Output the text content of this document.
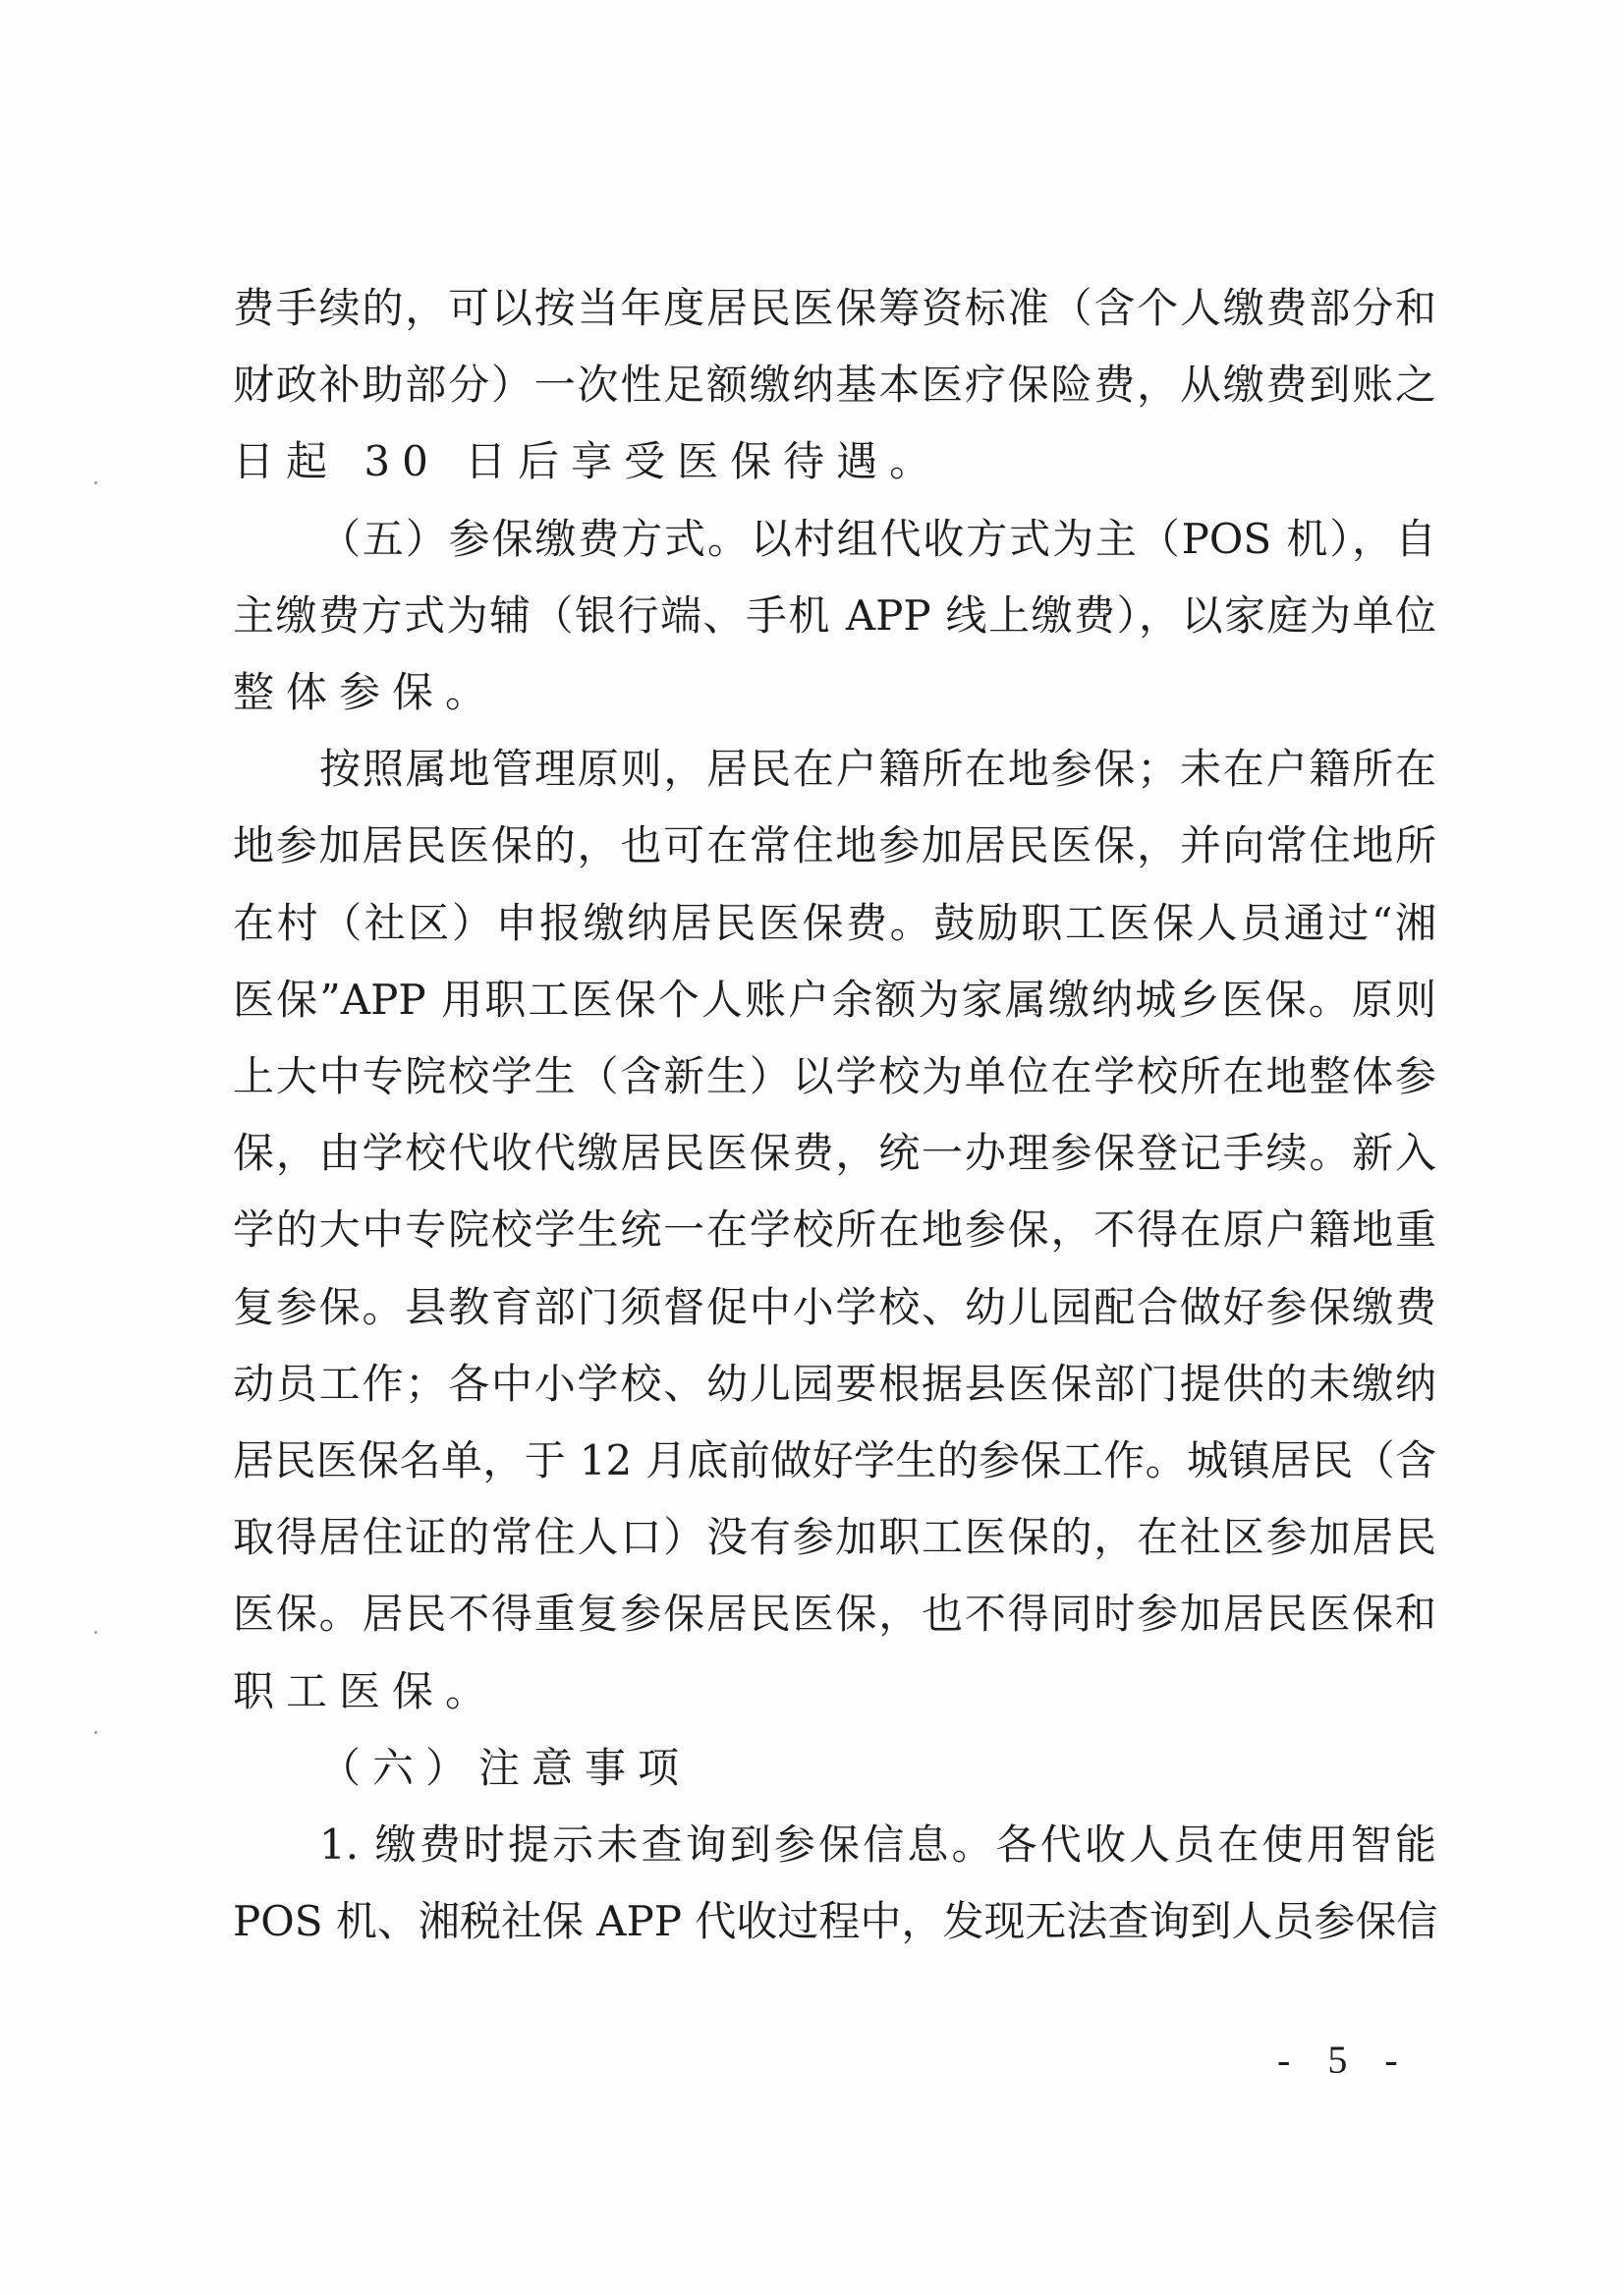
费手续的，可以按当年度居民医保筹资标准（含个人缴费部分和
财政补助部分）一次性足额缴纳基本医疗保险费，从缴费到账之
日起 30 日后享受医保待遇。
（五）参保缴费方式。以村组代收方式为主（POS 机），自
主缴费方式为辅（银行端、手机 APP 线上缴费），以家庭为单位
整体参保。
按照属地管理原则，居民在户籍所在地参保；未在户籍所在
地参加居民医保的，也可在常住地参加居民医保，并向常住地所
在村（社区）申报缴纳居民医保费。鼓励职工医保人员通过“湘
医保”APP 用职工医保个人账户余额为家属缴纳城乡医保。原则
上大中专院校学生（含新生）以学校为单位在学校所在地整体参
保，由学校代收代缴居民医保费，统一办理参保登记手续。新入
学的大中专院校学生统一在学校所在地参保，不得在原户籍地重
复参保。县教育部门须督促中小学校、幼儿园配合做好参保缴费
动员工作；各中小学校、幼儿园要根据县医保部门提供的未缴纳
居民医保名单，于 12 月底前做好学生的参保工作。城镇居民（含
取得居住证的常住人口）没有参加职工医保的，在社区参加居民
医保。居民不得重复参保居民医保，也不得同时参加居民医保和
职工医保。
（六）注意事项
1. 缴费时提示未查询到参保信息。各代收人员在使用智能
POS 机、湘税社保 APP 代收过程中，发现无法查询到人员参保信
- 5 -
